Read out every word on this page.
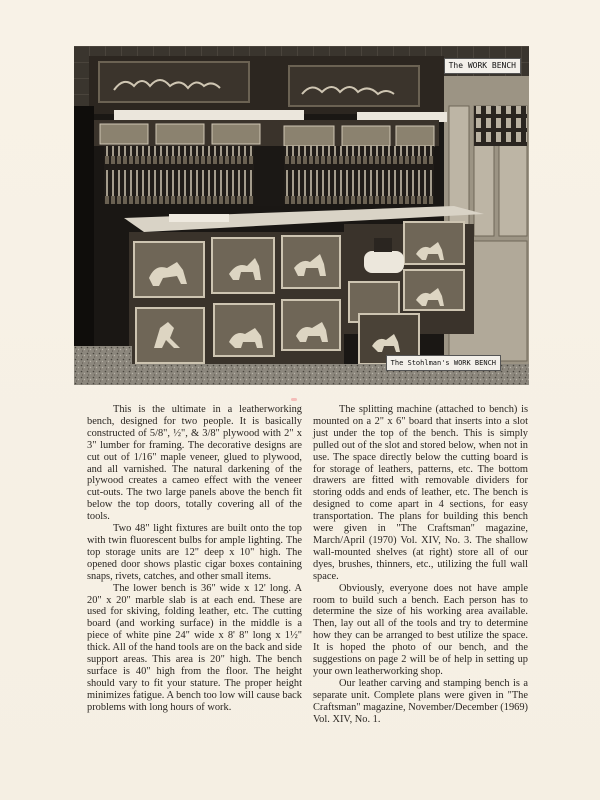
The WORK BENCH
The Stohlman's WORK BENCH

This is the ultimate in a leatherworking bench, designed for two people. It is basically constructed of 5/8", ½", & 3/8" plywood with 2" x 3" lumber for framing. The decorative designs are cut out of 1/16" maple veneer, glued to plywood, and all varnished. The natural darkening of the plywood creates a cameo effect with the veneer cut-outs. The two large panels above the bench fit below the top doors, totally covering all of the tools.

Two 48" light fixtures are built onto the top with twin fluorescent bulbs for ample lighting. The top storage units are 12" deep x 10" high. The opened door shows plastic cigar boxes containing snaps, rivets, catches, and other small items.

The lower bench is 36" wide x 12' long. A 20" x 20" marble slab is at each end. These are used for skiving, folding leather, etc. The cutting board (and working surface) in the middle is a piece of white pine 24" wide x 8' 8" long x 1½" thick. All of the hand tools are on the back and side support areas. This area is 20" high. The bench surface is 40" high from the floor. The height should vary to fit your stature. The proper height minimizes fatigue. A bench too low will cause back problems with long hours of work.

The splitting machine (attached to bench) is mounted on a 2" x 6" board that inserts into a slot just under the top of the bench. This is simply pulled out of the slot and stored below, when not in use. The space directly below the cutting board is for storage of leathers, patterns, etc. The bottom drawers are fitted with removable dividers for storing odds and ends of leather, etc. The bench is designed to come apart in 4 sections, for easy transportation. The plans for building this bench were given in "The Craftsman" magazine, March/April (1970) Vol. XIV, No. 3. The shallow wall-mounted shelves (at right) store all of our dyes, brushes, thinners, etc., utilizing the full wall space.

Obviously, everyone does not have ample room to build such a bench. Each person has to determine the size of his working area available. Then, lay out all of the tools and try to determine how they can be arranged to best utilize the space. It is hoped the photo of our bench, and the suggestions on page 2 will be of help in setting up your own leatherworking shop.

Our leather carving and stamping bench is a separate unit. Complete plans were given in "The Craftsman" magazine, November/December (1969) Vol. XIV, No. 1.
